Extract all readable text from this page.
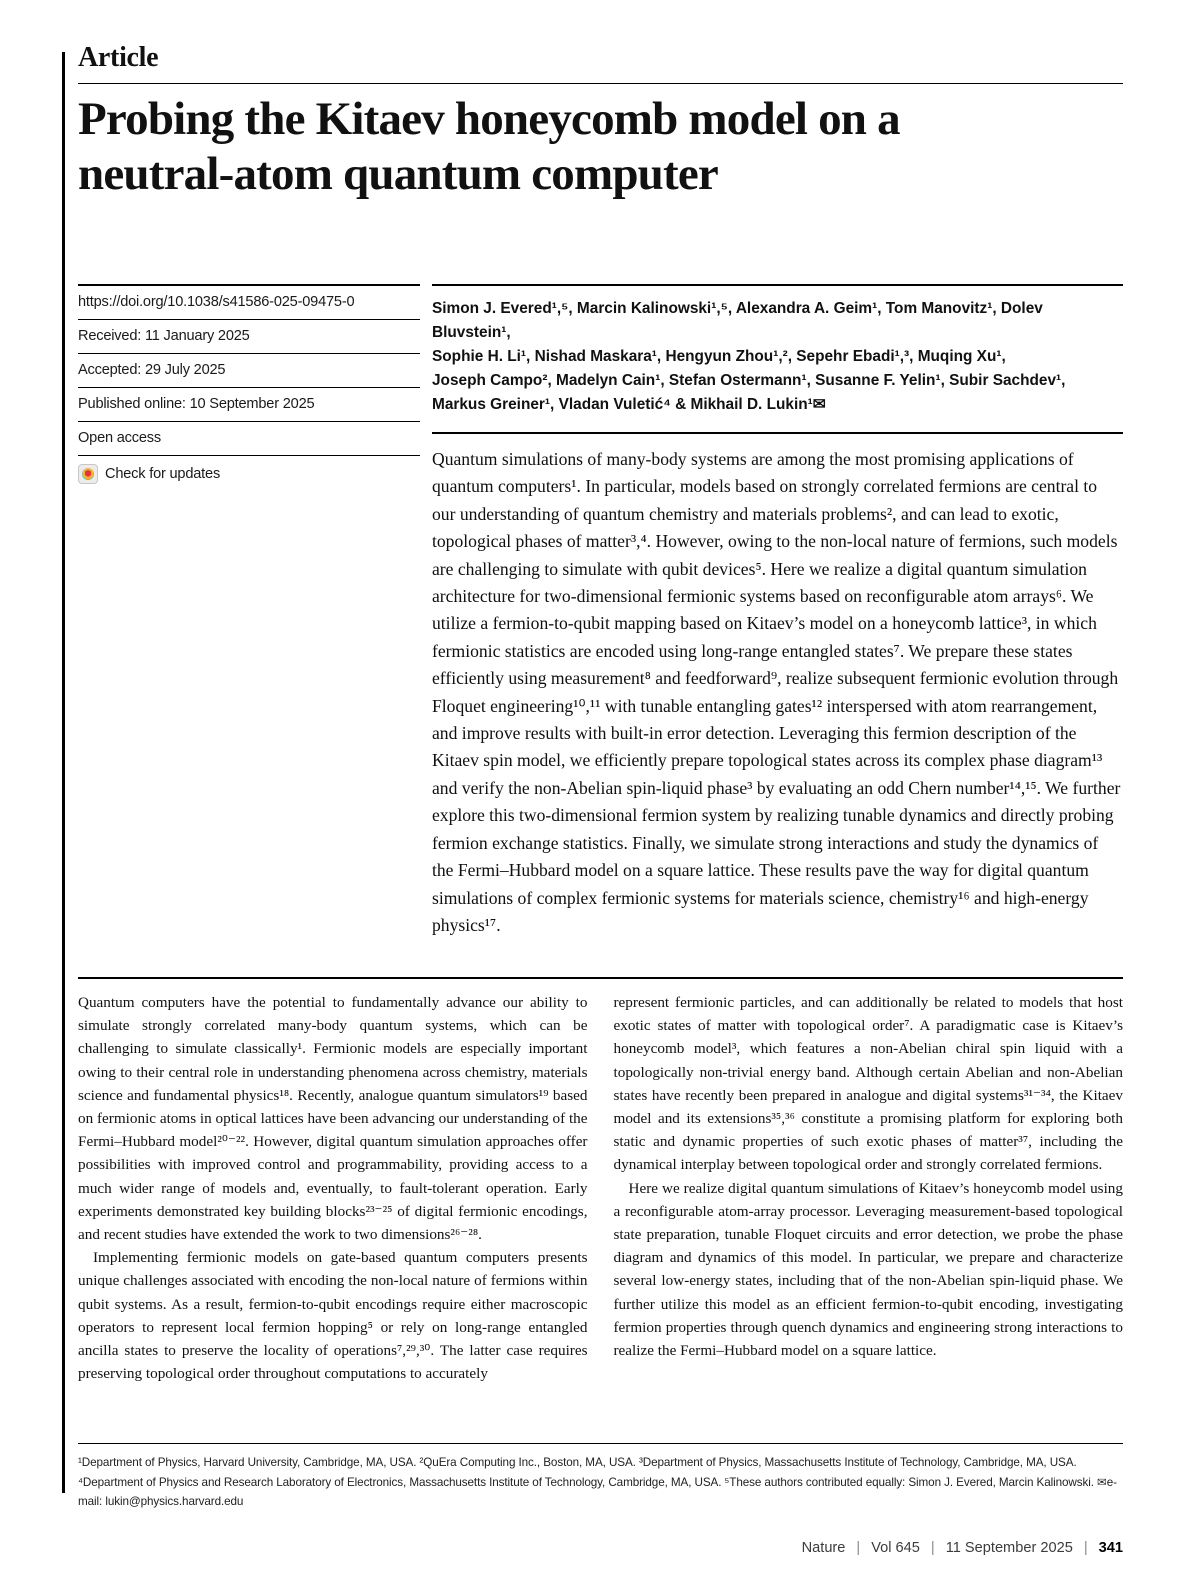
Article
Probing the Kitaev honeycomb model on a
neutral-atom quantum computer
https://doi.org/10.1038/s41586-025-09475-0
Received: 11 January 2025
Accepted: 29 July 2025
Published online: 10 September 2025
Open access
Check for updates
Simon J. Evered¹,⁵, Marcin Kalinowski¹,⁵, Alexandra A. Geim¹, Tom Manovitz¹, Dolev Bluvstein¹,
Sophie H. Li¹, Nishad Maskara¹, Hengyun Zhou¹,², Sepehr Ebadi¹,³, Muqing Xu¹,
Joseph Campo², Madelyn Cain¹, Stefan Ostermann¹, Susanne F. Yelin¹, Subir Sachdev¹,
Markus Greiner¹, Vladan Vuletić⁴ & Mikhail D. Lukin¹✉
Quantum simulations of many-body systems are among the most promising applications of quantum computers¹. In particular, models based on strongly correlated fermions are central to our understanding of quantum chemistry and materials problems², and can lead to exotic, topological phases of matter³,⁴. However, owing to the non-local nature of fermions, such models are challenging to simulate with qubit devices⁵. Here we realize a digital quantum simulation architecture for two-dimensional fermionic systems based on reconfigurable atom arrays⁶. We utilize a fermion-to-qubit mapping based on Kitaev’s model on a honeycomb lattice³, in which fermionic statistics are encoded using long-range entangled states⁷. We prepare these states efficiently using measurement⁸ and feedforward⁹, realize subsequent fermionic evolution through Floquet engineering¹⁰,¹¹ with tunable entangling gates¹² interspersed with atom rearrangement, and improve results with built-in error detection. Leveraging this fermion description of the Kitaev spin model, we efficiently prepare topological states across its complex phase diagram¹³ and verify the non-Abelian spin-liquid phase³ by evaluating an odd Chern number¹⁴,¹⁵. We further explore this two-dimensional fermion system by realizing tunable dynamics and directly probing fermion exchange statistics. Finally, we simulate strong interactions and study the dynamics of the Fermi–Hubbard model on a square lattice. These results pave the way for digital quantum simulations of complex fermionic systems for materials science, chemistry¹⁶ and high-energy physics¹⁷.

Quantum computers have the potential to fundamentally advance our ability to simulate strongly correlated many-body quantum systems, which can be challenging to simulate classically¹. Fermionic models are especially important owing to their central role in understanding phenomena across chemistry, materials science and fundamental physics¹⁸. Recently, analogue quantum simulators¹⁹ based on fermionic atoms in optical lattices have been advancing our understanding of the Fermi–Hubbard model²⁰⁻²². However, digital quantum simulation approaches offer possibilities with improved control and programmability, providing access to a much wider range of models and, eventually, to fault-tolerant operation. Early experiments demonstrated key building blocks²³⁻²⁵ of digital fermionic encodings, and recent studies have extended the work to two dimensions²⁶⁻²⁸.

Implementing fermionic models on gate-based quantum computers presents unique challenges associated with encoding the non-local nature of fermions within qubit systems. As a result, fermion-to-qubit encodings require either macroscopic operators to represent local fermion hopping⁵ or rely on long-range entangled ancilla states to preserve the locality of operations⁷,²⁹,³⁰. The latter case requires preserving topological order throughout computations to accurately

represent fermionic particles, and can additionally be related to models that host exotic states of matter with topological order⁷. A paradigmatic case is Kitaev’s honeycomb model³, which features a non-Abelian chiral spin liquid with a topologically non-trivial energy band. Although certain Abelian and non-Abelian states have recently been prepared in analogue and digital systems³¹⁻³⁴, the Kitaev model and its extensions³⁵,³⁶ constitute a promising platform for exploring both static and dynamic properties of such exotic phases of matter³⁷, including the dynamical interplay between topological order and strongly correlated fermions.

Here we realize digital quantum simulations of Kitaev’s honeycomb model using a reconfigurable atom-array processor. Leveraging measurement-based topological state preparation, tunable Floquet circuits and error detection, we probe the phase diagram and dynamics of this model. In particular, we prepare and characterize several low-energy states, including that of the non-Abelian spin-liquid phase. We further utilize this model as an efficient fermion-to-qubit encoding, investigating fermion properties through quench dynamics and engineering strong interactions to realize the Fermi–Hubbard model on a square lattice.

¹Department of Physics, Harvard University, Cambridge, MA, USA. ²QuEra Computing Inc., Boston, MA, USA. ³Department of Physics, Massachusetts Institute of Technology, Cambridge, MA, USA. ⁴Department of Physics and Research Laboratory of Electronics, Massachusetts Institute of Technology, Cambridge, MA, USA. ⁵These authors contributed equally: Simon J. Evered, Marcin Kalinowski. ✉e-mail: lukin@physics.harvard.edu
Nature | Vol 645 | 11 September 2025 | 341
